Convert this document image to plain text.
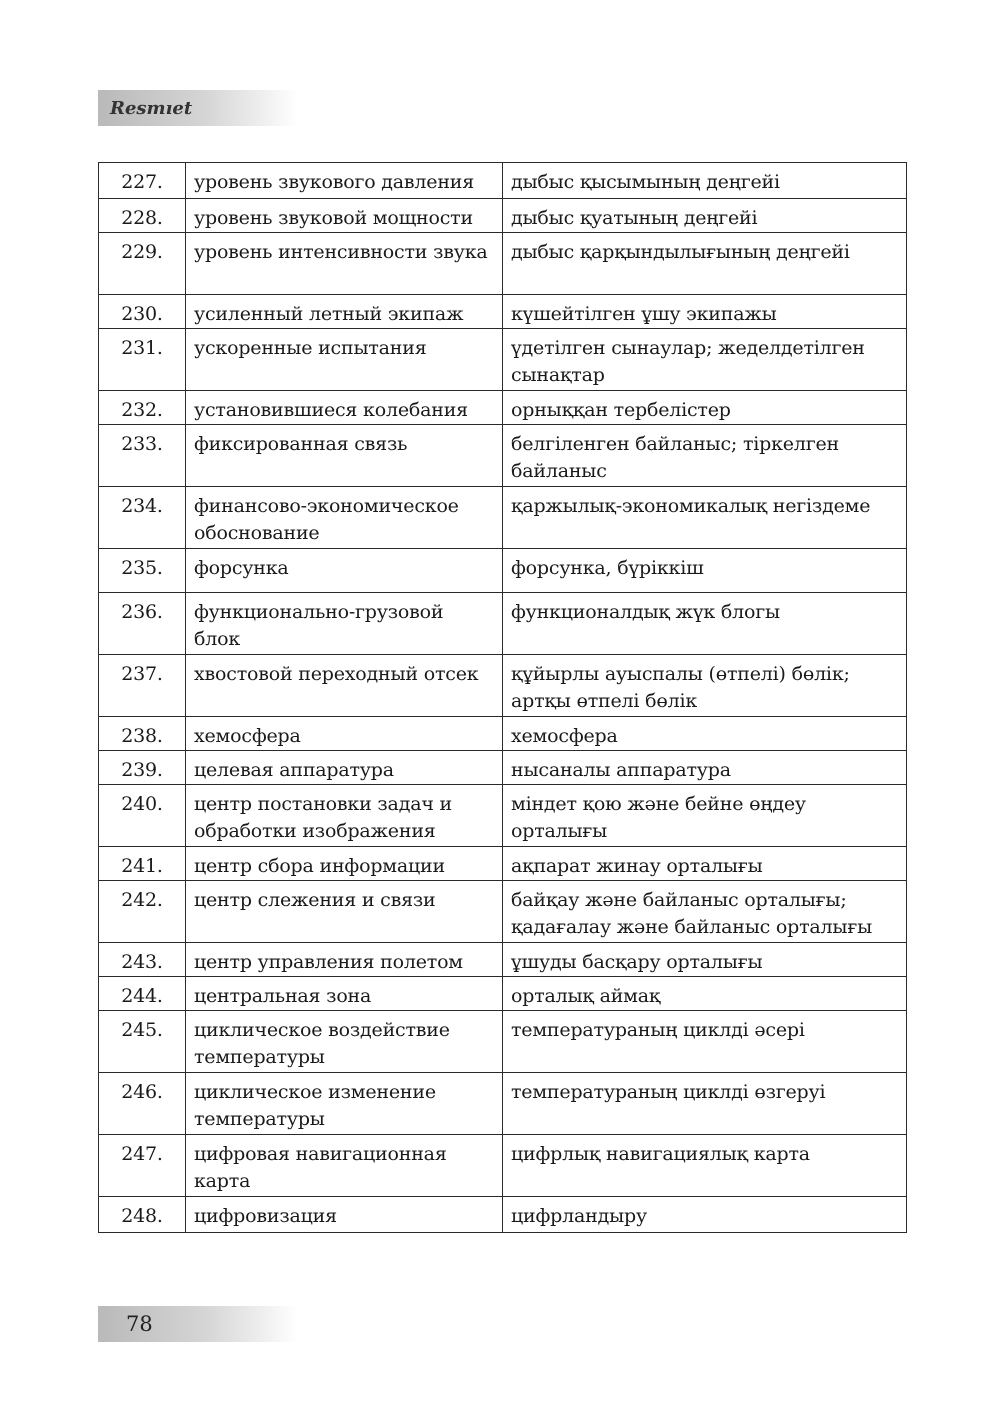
Resmıet
227.	уровень звукового давления	дыбыс қысымының деңгейі
228.	уровень звуковой мощности	дыбыс қуатының деңгейі
229.	уровень интенсивности звука	дыбыс қарқындылығының деңгейі
230.	усиленный летный экипаж	күшейтілген ұшу экипажы
231.	ускоренные испытания	үдетілген сынаулар; жеделдетілген сынақтар
232.	установившиеся колебания	орныққан тербелістер
233.	фиксированная связь	белгіленген байланыс; тіркелген байланыс
234.	финансово-экономическое обоснование	қаржылық-экономикалық негіздеме
235.	форсунка	форсунка, бүріккіш
236.	функционально-грузовой блок	функционалдық жүк блогы
237.	хвостовой переходный отсек	құйырлы ауыспалы (өтпелі) бөлік; артқы өтпелі бөлік
238.	хемосфера	хемосфера
239.	целевая аппаратура	нысаналы аппаратура
240.	центр постановки задач и обработки изображения	міндет қою және бейне өңдеу орталығы
241.	центр сбора информации	ақпарат жинау орталығы
242.	центр слежения и связи	байқау және байланыс орталығы; қадағалау және байланыс орталығы
243.	центр управления полетом	ұшуды басқару орталығы
244.	центральная зона	орталық аймақ
245.	циклическое воздействие температуры	температураның циклді әсері
246.	циклическое изменение температуры	температураның циклді өзгеруі
247.	цифровая навигационная карта	цифрлық навигациялық карта
248.	цифровизация	цифрландыру
78
